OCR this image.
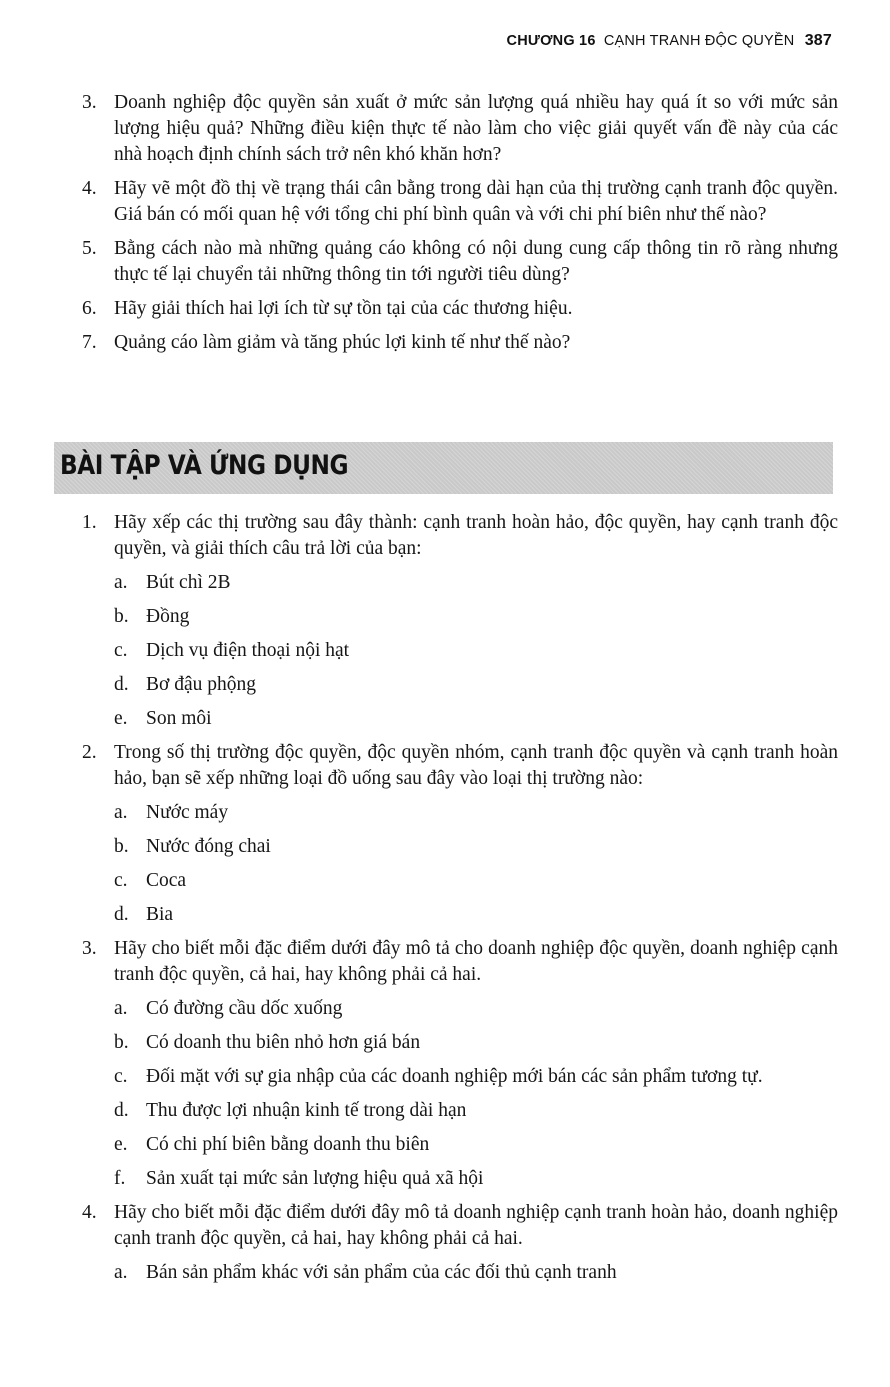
CHƯƠNG 16 CẠNH TRANH ĐỘC QUYỀN 387
3. Doanh nghiệp độc quyền sản xuất ở mức sản lượng quá nhiều hay quá ít so với mức sản lượng hiệu quả? Những điều kiện thực tế nào làm cho việc giải quyết vấn đề này của các nhà hoạch định chính sách trở nên khó khăn hơn?
4. Hãy vẽ một đồ thị về trạng thái cân bằng trong dài hạn của thị trường cạnh tranh độc quyền. Giá bán có mối quan hệ với tổng chi phí bình quân và với chi phí biên như thế nào?
5. Bằng cách nào mà những quảng cáo không có nội dung cung cấp thông tin rõ ràng nhưng thực tế lại chuyển tải những thông tin tới người tiêu dùng?
6. Hãy giải thích hai lợi ích từ sự tồn tại của các thương hiệu.
7. Quảng cáo làm giảm và tăng phúc lợi kinh tế như thế nào?
BÀI TẬP VÀ ỨNG DỤNG
1. Hãy xếp các thị trường sau đây thành: cạnh tranh hoàn hảo, độc quyền, hay cạnh tranh độc quyền, và giải thích câu trả lời của bạn:
a. Bút chì 2B
b. Đồng
c. Dịch vụ điện thoại nội hạt
d. Bơ đậu phộng
e. Son môi
2. Trong số thị trường độc quyền, độc quyền nhóm, cạnh tranh độc quyền và cạnh tranh hoàn hảo, bạn sẽ xếp những loại đồ uống sau đây vào loại thị trường nào:
a. Nước máy
b. Nước đóng chai
c. Coca
d. Bia
3. Hãy cho biết mỗi đặc điểm dưới đây mô tả cho doanh nghiệp độc quyền, doanh nghiệp cạnh tranh độc quyền, cả hai, hay không phải cả hai.
a. Có đường cầu dốc xuống
b. Có doanh thu biên nhỏ hơn giá bán
c. Đối mặt với sự gia nhập của các doanh nghiệp mới bán các sản phẩm tương tự.
d. Thu được lợi nhuận kinh tế trong dài hạn
e. Có chi phí biên bằng doanh thu biên
f.	Sản xuất tại mức sản lượng hiệu quả xã hội
4. Hãy cho biết mỗi đặc điểm dưới đây mô tả doanh nghiệp cạnh tranh hoàn hảo, doanh nghiệp cạnh tranh độc quyền, cả hai, hay không phải cả hai.
a. Bán sản phẩm khác với sản phẩm của các đối thủ cạnh tranh
